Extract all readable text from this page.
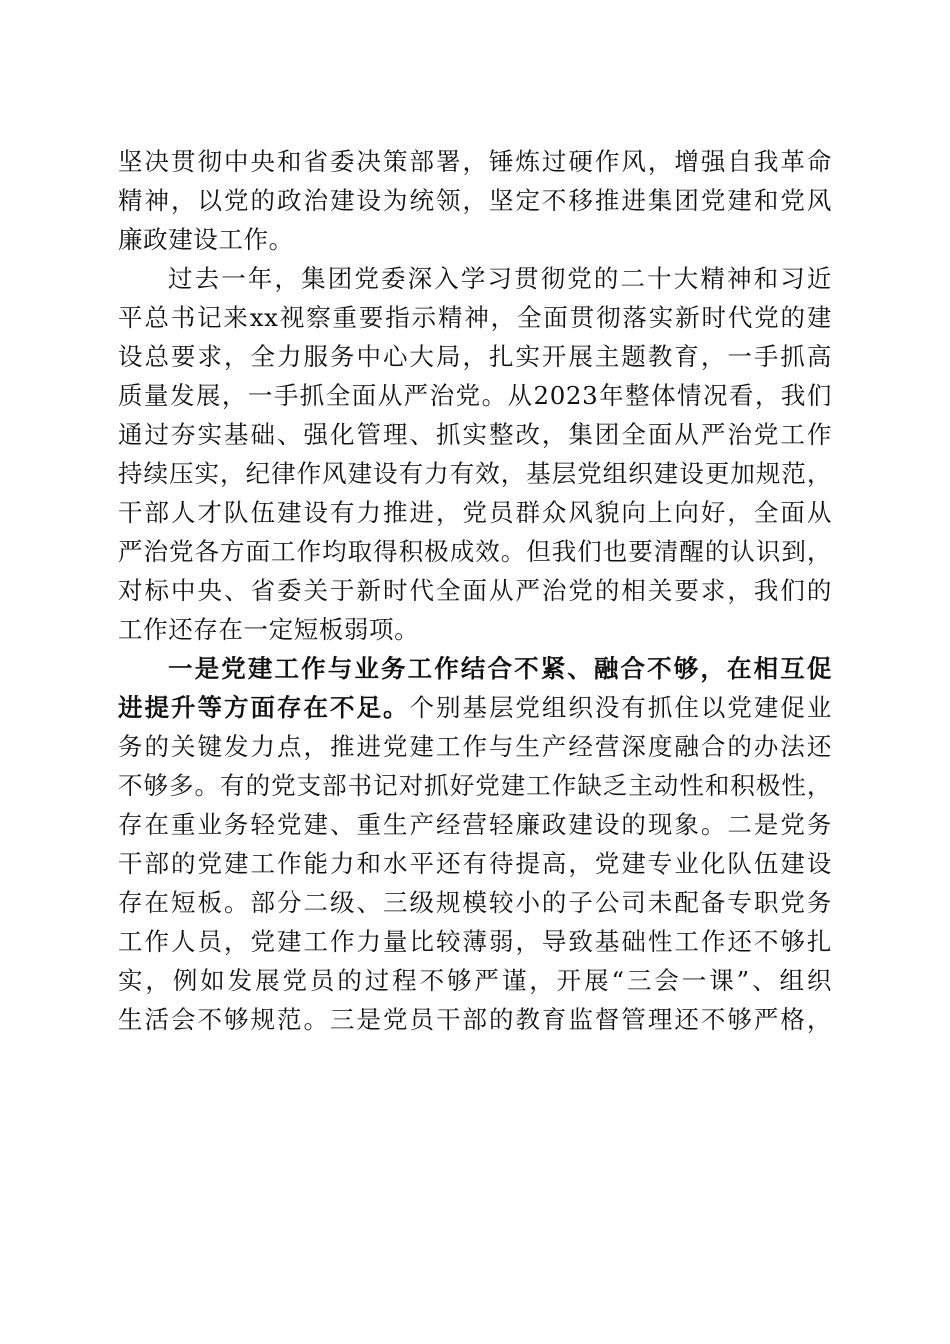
坚决贯彻中央和省委决策部署，锤炼过硬作风，增强自我革命
精神，以党的政治建设为统领，坚定不移推进集团党建和党风
廉政建设工作。
过去一年，集团党委深入学习贯彻党的二十大精神和习近
平总书记来xx视察重要指示精神，全面贯彻落实新时代党的建
设总要求，全力服务中心大局，扎实开展主题教育，一手抓高
质量发展，一手抓全面从严治党。从2023年整体情况看，我们
通过夯实基础、强化管理、抓实整改，集团全面从严治党工作
持续压实，纪律作风建设有力有效，基层党组织建设更加规范，
干部人才队伍建设有力推进，党员群众风貌向上向好，全面从
严治党各方面工作均取得积极成效。但我们也要清醒的认识到，
对标中央、省委关于新时代全面从严治党的相关要求，我们的
工作还存在一定短板弱项。
一是党建工作与业务工作结合不紧、融合不够，在相互促
进提升等方面存在不足。个别基层党组织没有抓住以党建促业
务的关键发力点，推进党建工作与生产经营深度融合的办法还
不够多。有的党支部书记对抓好党建工作缺乏主动性和积极性，
存在重业务轻党建、重生产经营轻廉政建设的现象。二是党务
干部的党建工作能力和水平还有待提高，党建专业化队伍建设
存在短板。部分二级、三级规模较小的子公司未配备专职党务
工作人员，党建工作力量比较薄弱，导致基础性工作还不够扎
实，例如发展党员的过程不够严谨，开展“三会一课”、组织
生活会不够规范。三是党员干部的教育监督管理还不够严格，
